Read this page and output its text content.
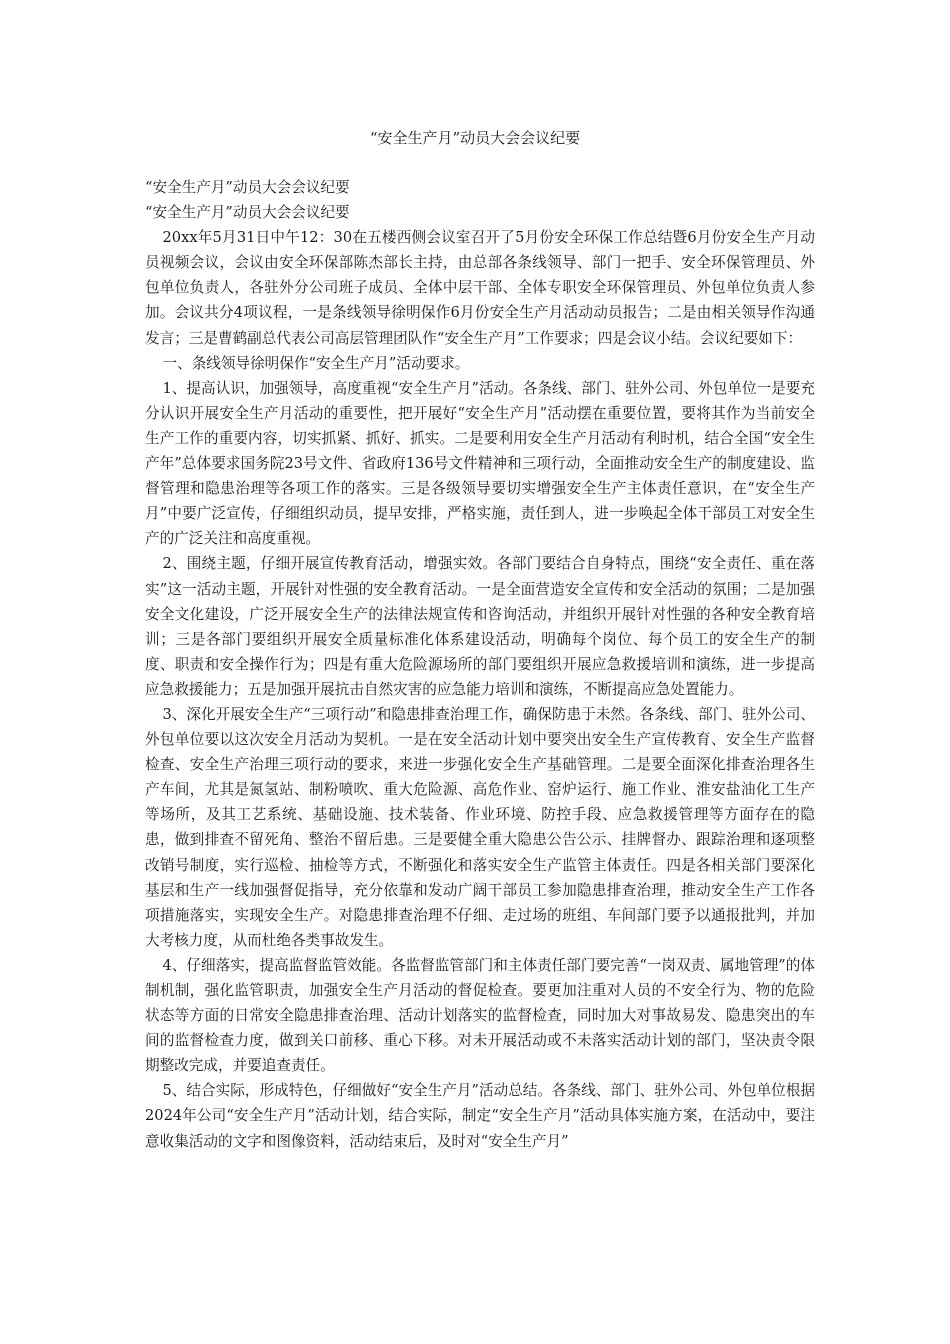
“安全生产月”动员大会会议纪要

“安全生产月”动员大会会议纪要

“安全生产月”动员大会会议纪要

20xx年5月31日中午12：30在五楼西侧会议室召开了5月份安全环保工作总结暨6月份安全生产月动员视频会议，会议由安全环保部陈杰部长主持，由总部各条线领导、部门一把手、安全环保管理员、外包单位负责人，各驻外分公司班子成员、全体中层干部、全体专职安全环保管理员、外包单位负责人参加。会议共分4项议程，一是条线领导徐明保作6月份安全生产月活动动员报告；二是由相关领导作沟通发言；三是曹鹤副总代表公司高层管理团队作“安全生产月”工作要求；四是会议小结。会议纪要如下：

一、条线领导徐明保作“安全生产月”活动要求。

1、提高认识，加强领导，高度重视“安全生产月”活动。各条线、部门、驻外公司、外包单位一是要充分认识开展安全生产月活动的重要性，把开展好“安全生产月”活动摆在重要位置，要将其作为当前安全生产工作的重要内容，切实抓紧、抓好、抓实。二是要利用安全生产月活动有利时机，结合全国“安全生产年”总体要求国务院23号文件、省政府136号文件精神和三项行动，全面推动安全生产的制度建设、监督管理和隐患治理等各项工作的落实。三是各级领导要切实增强安全生产主体责任意识，在“安全生产月”中要广泛宣传，仔细组织动员，提早安排，严格实施，责任到人，进一步唤起全体干部员工对安全生产的广泛关注和高度重视。

2、围绕主题，仔细开展宣传教育活动，增强实效。各部门要结合自身特点，围绕“安全责任、重在落实”这一活动主题，开展针对性强的安全教育活动。一是全面营造安全宣传和安全活动的氛围；二是加强安全文化建设，广泛开展安全生产的法律法规宣传和咨询活动，并组织开展针对性强的各种安全教育培训；三是各部门要组织开展安全质量标准化体系建设活动，明确每个岗位、每个员工的安全生产的制度、职责和安全操作行为；四是有重大危险源场所的部门要组织开展应急救援培训和演练，进一步提高应急救援能力；五是加强开展抗击自然灾害的应急能力培训和演练，不断提高应急处置能力。

3、深化开展安全生产“三项行动”和隐患排查治理工作，确保防患于未然。各条线、部门、驻外公司、外包单位要以这次安全月活动为契机。一是在安全活动计划中要突出安全生产宣传教育、安全生产监督检查、安全生产治理三项行动的要求，来进一步强化安全生产基础管理。二是要全面深化排查治理各生产车间，尤其是氮氢站、制粉喷吹、重大危险源、高危作业、窑炉运行、施工作业、淮安盐油化工生产等场所，及其工艺系统、基础设施、技术装备、作业环境、防控手段、应急救援管理等方面存在的隐患，做到排查不留死角、整治不留后患。三是要健全重大隐患公告公示、挂牌督办、跟踪治理和逐项整改销号制度，实行巡检、抽检等方式，不断强化和落实安全生产监管主体责任。四是各相关部门要深化基层和生产一线加强督促指导，充分依靠和发动广阔干部员工参加隐患排查治理，推动安全生产工作各项措施落实，实现安全生产。对隐患排查治理不仔细、走过场的班组、车间部门要予以通报批判，并加大考核力度，从而杜绝各类事故发生。

4、仔细落实，提高监督监管效能。各监督监管部门和主体责任部门要完善“一岗双责、属地管理”的体制机制，强化监管职责，加强安全生产月活动的督促检查。要更加注重对人员的不安全行为、物的危险状态等方面的日常安全隐患排查治理、活动计划落实的监督检查，同时加大对事故易发、隐患突出的车间的监督检查力度，做到关口前移、重心下移。对未开展活动或不未落实活动计划的部门，坚决责令限期整改完成，并要追查责任。

5、结合实际，形成特色，仔细做好“安全生产月”活动总结。各条线、部门、驻外公司、外包单位根据2024年公司“安全生产月”活动计划，结合实际，制定“安全生产月”活动具体实施方案，在活动中，要注意收集活动的文字和图像资料，活动结束后，及时对“安全生产月”
